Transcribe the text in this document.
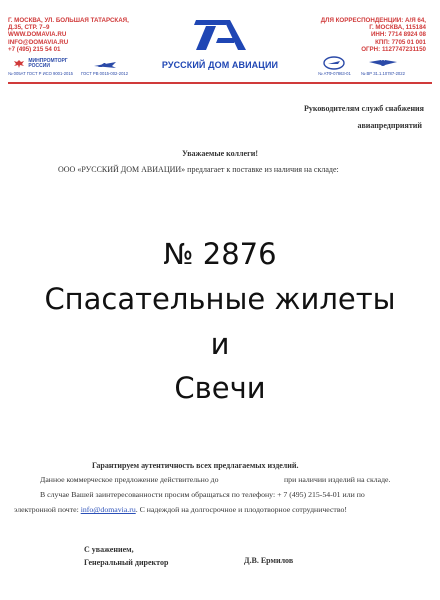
Г. МОСКВА, УЛ. БОЛЬШАЯ ТАТАРСКАЯ,
Д.35, СТР. 7–9
WWW.DOMAVIA.RU
INFO@DOMAVIA.RU
+7 (495) 215 54 01
МИНПРОМТОРГ
РОССИИ
№ 005AT ГОСТ Р ИСО 9001-2015 ГОСТ РВ 0015-002-2012
РУССКИЙ ДОМ АВИАЦИИ
ДЛЯ КОРРЕСПОНДЕНЦИИ: А/Я 64,
Г. МОСКВА, 115184
ИНН: 7714 8924 08
КПП: 7705 01 001
ОГРН: 1127747231150
№ АТФ-07863-01 № ВР 31.1.10787-2022
Руководителям служб снабжения
авиапредприятий
Уважаемые коллеги!
ООО «РУССКИЙ ДОМ АВИАЦИИ» предлагает к поставке из наличия на складе:
№ 2876
Спасательные жилеты
и
Свечи
Гарантируем аутентичность всех предлагаемых изделий.
Данное коммерческое предложение действительно до	при наличии изделий на складе.
В случае Вашей заинтересованности просим обращаться по телефону: + 7 (495) 215-54-01 или по
электронной почте: info@domavia.ru. С надеждой на долгосрочное и плодотворное сотрудничество!
С уважением,
Генеральный директор	Д.В. Ермилов
